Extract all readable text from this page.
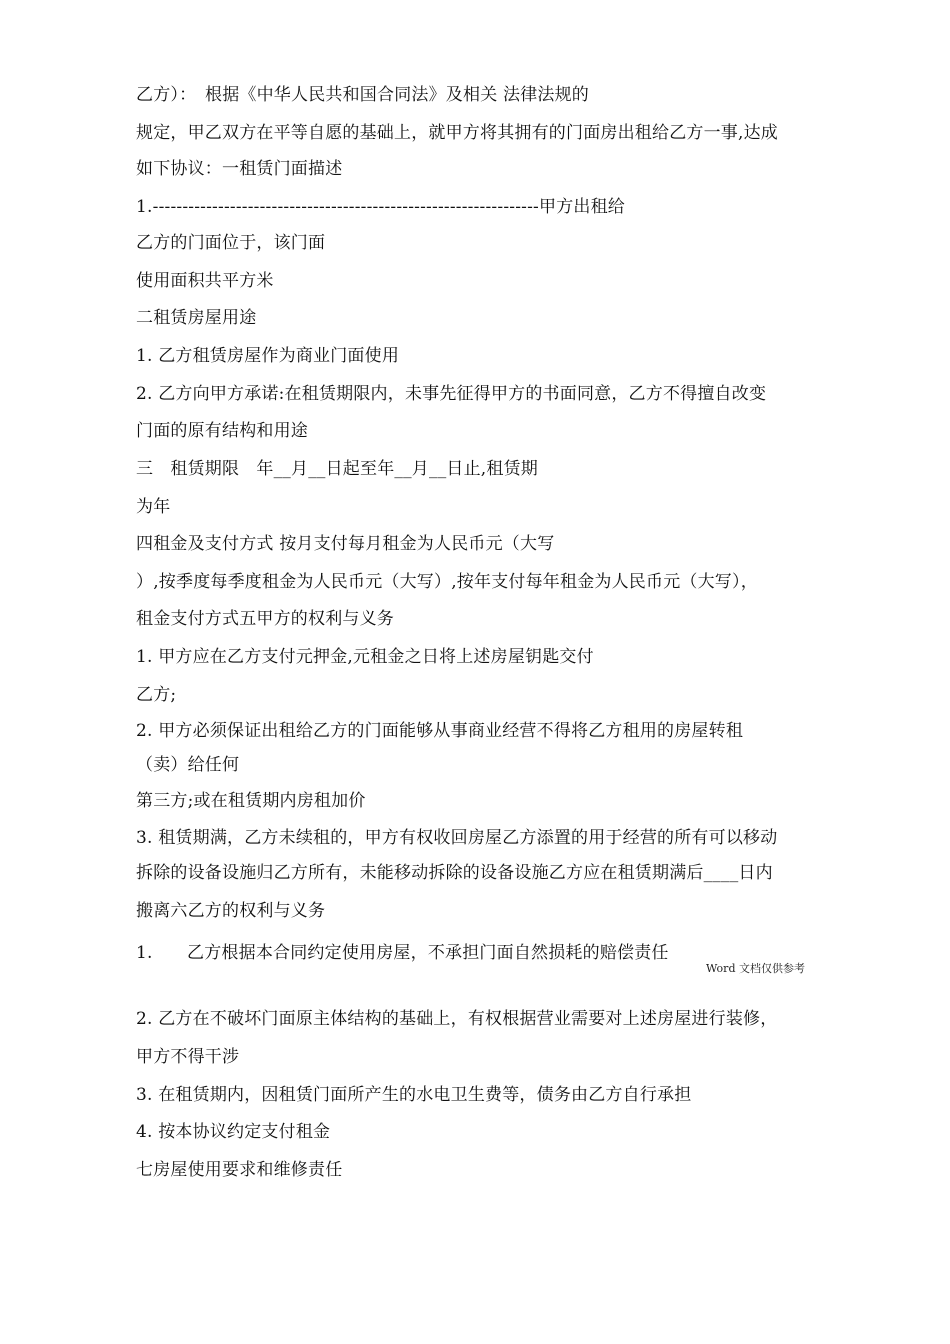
乙方）：　根据《中华人民共和国合同法》及相关 法律法规的
规定，甲乙双方在平等自愿的基础上，就甲方将其拥有的门面房出租给乙方一事,达成
如下协议：一租赁门面描述
1.-----------------------------------------------------------------甲方出租给
乙方的门面位于，该门面
使用面积共平方米
二租赁房屋用途
1. 乙方租赁房屋作为商业门面使用
2. 乙方向甲方承诺:在租赁期限内，未事先征得甲方的书面同意，乙方不得擅自改变
门面的原有结构和用途
三　租赁期限　年__月__日起至年__月__日止,租赁期
为年
四租金及支付方式 按月支付每月租金为人民币元（大写
）,按季度每季度租金为人民币元（大写）,按年支付每年租金为人民币元（大写），
租金支付方式五甲方的权利与义务
1. 甲方应在乙方支付元押金,元租金之日将上述房屋钥匙交付
乙方;
2. 甲方必须保证出租给乙方的门面能够从事商业经营不得将乙方租用的房屋转租
（卖）给任何
第三方;或在租赁期内房租加价
3. 租赁期满，乙方未续租的，甲方有权收回房屋乙方添置的用于经营的所有可以移动
拆除的设备设施归乙方所有，未能移动拆除的设备设施乙方应在租赁期满后____日内
搬离六乙方的权利与义务
1.　　乙方根据本合同约定使用房屋，不承担门面自然损耗的赔偿责任
Word 文档仅供参考
2. 乙方在不破坏门面原主体结构的基础上，有权根据营业需要对上述房屋进行装修，
甲方不得干涉
3. 在租赁期内，因租赁门面所产生的水电卫生费等，债务由乙方自行承担
4. 按本协议约定支付租金
七房屋使用要求和维修责任
